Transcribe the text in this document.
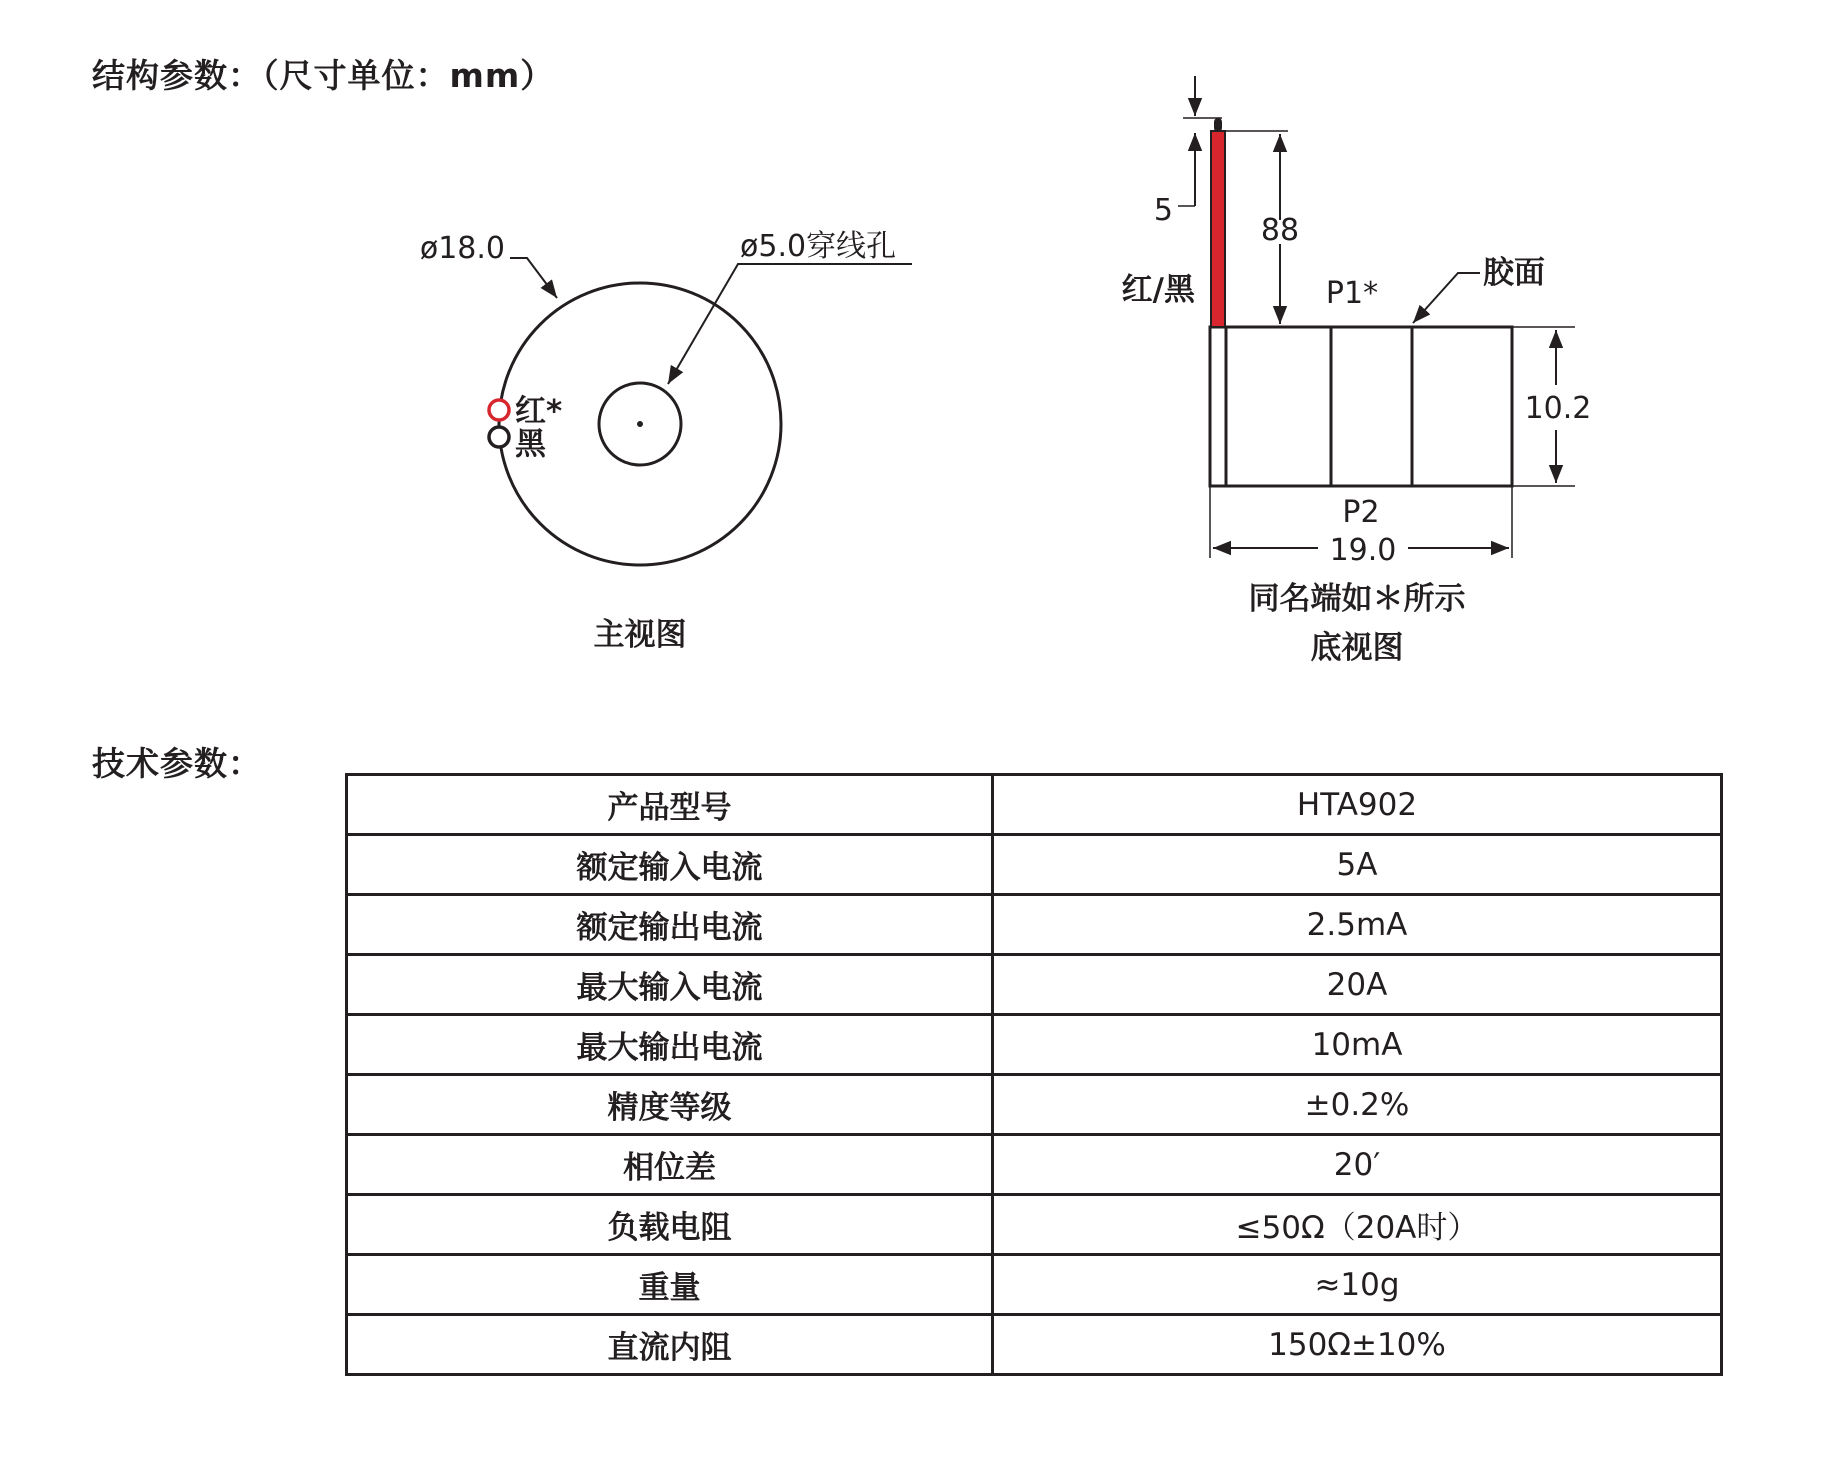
结构参数：（尺寸单位：mm）
红*
黑
ø18.0	ø5.0穿线孔
主视图
5
88
红/黑	P1*
胶面
10.2
P2
19.0
同名端如＊所示
底视图
技术参数：
产品型号	HTA902
额定输入电流	5A
额定输出电流	2.5mA
最大输入电流	20A
最大输出电流	10mA
精度等级	±0.2%
相位差	20′
负载电阻	≤50Ω（20A时）
重量	≈10g
直流内阻	150Ω±10%
